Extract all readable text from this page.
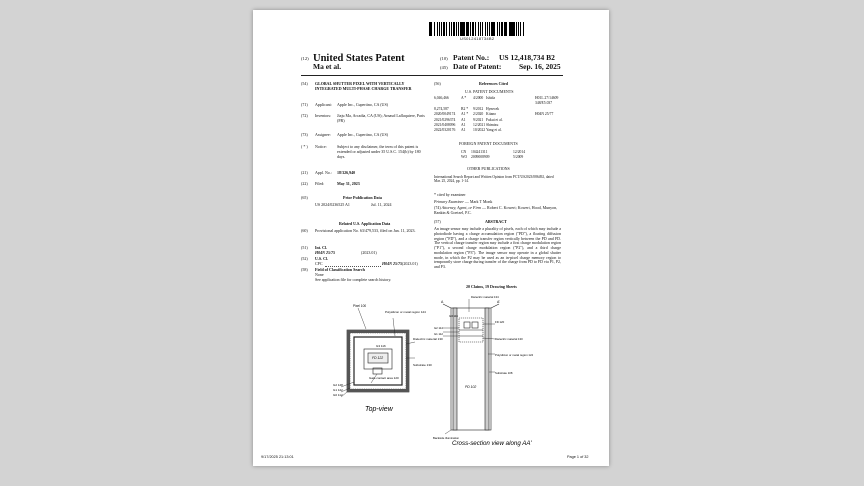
US012418734B2
(12) United States Patent
Ma et al.
(10) Patent No.: US 12,418,734 B2
(45) Date of Patent: Sep. 16, 2025
(54) GLOBAL SHUTTER PIXEL WITH VERTICALLY INTEGRATED MULTI-PHASE CHARGE TRANSFER
(71) Applicant: Apple Inc., Cupertino, CA (US)
(72) Inventors: Jiaju Ma, Arcadia, CA (US); Arnaud Laflaquiere, Paris (FR)
(73) Assignee: Apple Inc., Cupertino, CA (US)
( * ) Notice:	Subject to any disclaimer, the term of this patent is extended or adjusted under 35 U.S.C. 154(b) by 180 days.
(21) Appl. No.: 18/326,940
(22) Filed:	May 31, 2023
(65)	Prior Publication Data
US 2024/0236525 A1	Jul. 11, 2024
Related U.S. Application Data
(60) Provisional application No. 63/479,533, filed on Jan. 11, 2023.
(51) Int. Cl.
H04N 25/75	(2023.01)
(52) U.S. Cl.
CPC	H04N 25/75 (2023.01)
(58) Field of Classification Search
None
See application file for complete search history.
(56)	References Cited
U.S. PATENT DOCUMENTS
FOREIGN PATENT DOCUMENTS
OTHER PUBLICATIONS
International Search Report and Written Opinion from PCT/US2023/086492, dated Mar. 25, 2024, pp. 1-14.
* cited by examiner
Primary Examiner — Mark T Monk
(74) Attorney, Agent, or Firm — Robert C. Kowert; Kowert, Hood, Munyon, Rankin & Goetzel, P.C.
(57)	ABSTRACT
An image sensor may include a plurality of pixels, each of which may include a photodiode having a charge accumulation region ("PD"), a floating diffusion region ("FD"), and a charge transfer region vertically between the PD and FD. The vertical charge transfer region may include a first charge modulation region ("P1"), a second charge modulation region ("P2"), and a third charge modulation region ("P3"). The image sensor may operate in a global shutter mode, in which the P2 may be used as an in-pixel charge memory region to temporarily store charge during transfer of the charge from PD to FD via P1, P2, and P3.
20 Claims, 19 Drawing Sheets
Pixel 100
Polysilicon or metal region 124
G3 116
FD 122
Gate contact area 120
Dielectric material 130
Substrate 130
G2 128
G1 122
G0 112
Top-view
A	A'
Dielectric material 134
G3 116
G2 114
G1 112
FD 120
Dielectric material 130
Polysilicon or metal region 124
Substrate 108
PD 102
Backside illumination
Cross-section view along AA'
9/17/2025 21:13:01	Page 1 of 32
6,046,466	A * 4/2000 Ishida	H01L 27/14609
348/E5.037
8,274,587	B2 * 9/2012 Hynecek
2020/0049174 A1 * 2/2020 Kitano	H04N 25/77
2021/0296374 A1 9/2021 Fukui et al.
2021/0408096 A1 12/2021 Shimizu
2022/0320176 A1 10/2022 Yang et al.
CN 104241311	12/2014
WO 2009008909	5/2009
